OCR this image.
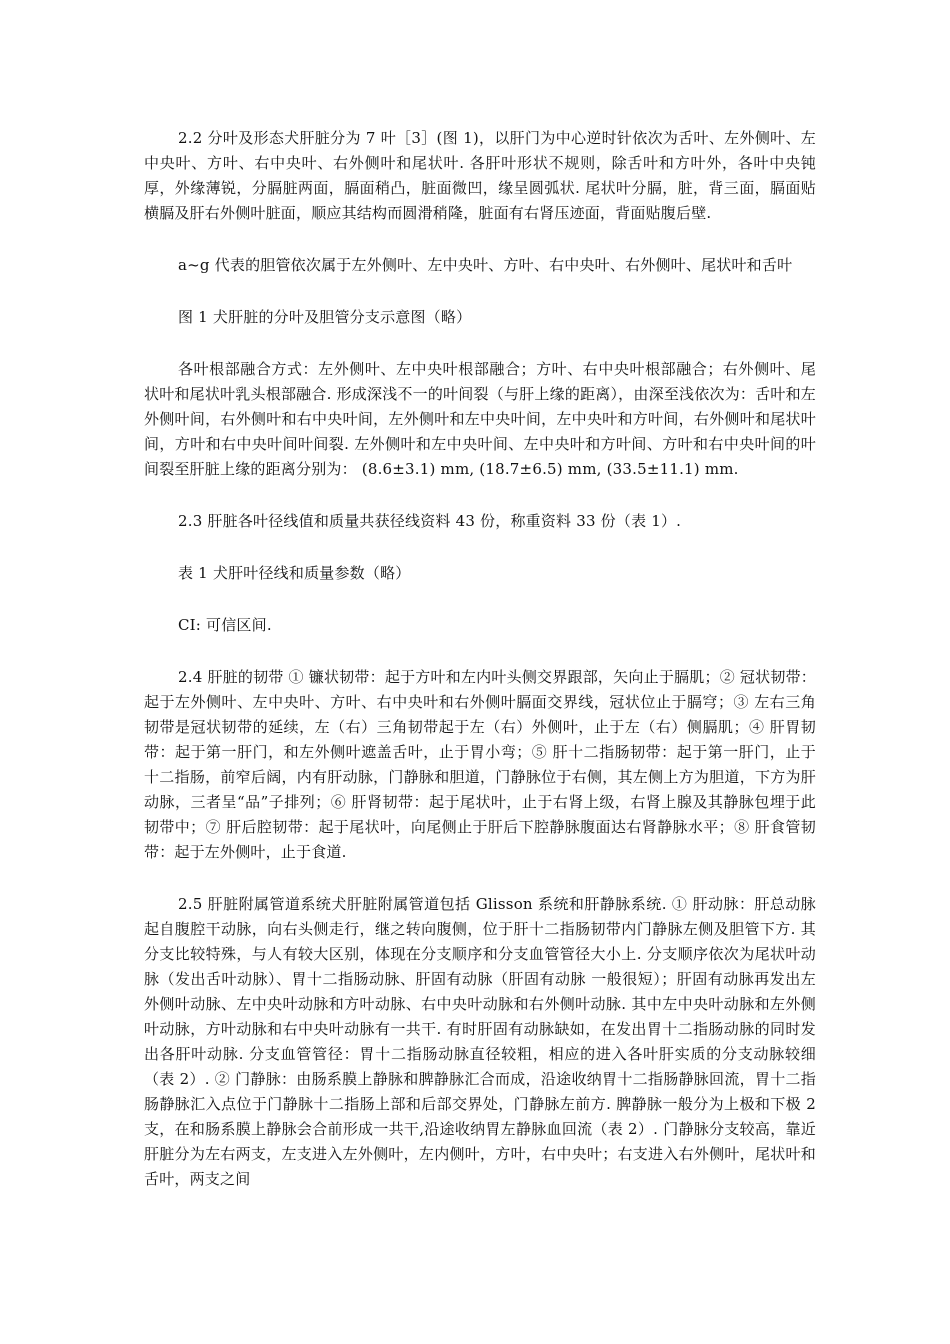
2.2 分叶及形态犬肝脏分为 7 叶［3］(图 1)，以肝门为中心逆时针依次为舌叶、左外侧叶、左中央叶、方叶、右中央叶、右外侧叶和尾状叶. 各肝叶形状不规则，除舌叶和方叶外，各叶中央钝厚，外缘薄锐，分膈脏两面，膈面稍凸，脏面微凹，缘呈圆弧状. 尾状叶分膈，脏，背三面，膈面贴横膈及肝右外侧叶脏面，顺应其结构而圆滑稍隆，脏面有右肾压迹面，背面贴腹后壁.

a~g 代表的胆管依次属于左外侧叶、左中央叶、方叶、右中央叶、右外侧叶、尾状叶和舌叶

图 1 犬肝脏的分叶及胆管分支示意图（略）

各叶根部融合方式：左外侧叶、左中央叶根部融合；方叶、右中央叶根部融合；右外侧叶、尾状叶和尾状叶乳头根部融合. 形成深浅不一的叶间裂（与肝上缘的距离），由深至浅依次为：舌叶和左外侧叶间，右外侧叶和右中央叶间，左外侧叶和左中央叶间，左中央叶和方叶间，右外侧叶和尾状叶间，方叶和右中央叶间叶间裂. 左外侧叶和左中央叶间、左中央叶和方叶间、方叶和右中央叶间的叶间裂至肝脏上缘的距离分别为： (8.6±3.1) mm, (18.7±6.5) mm, (33.5±11.1) mm.

2.3 肝脏各叶径线值和质量共获径线资料 43 份，称重资料 33 份（表 1）.

表 1 犬肝叶径线和质量参数（略）

CI: 可信区间.

2.4 肝脏的韧带 ① 镰状韧带：起于方叶和左内叶头侧交界跟部，矢向止于膈肌；② 冠状韧带：起于左外侧叶、左中央叶、方叶、右中央叶和右外侧叶膈面交界线，冠状位止于膈穹；③ 左右三角韧带是冠状韧带的延续，左（右）三角韧带起于左（右）外侧叶，止于左（右）侧膈肌；④ 肝胃韧带：起于第一肝门，和左外侧叶遮盖舌叶，止于胃小弯；⑤ 肝十二指肠韧带：起于第一肝门，止于十二指肠，前窄后阔，内有肝动脉，门静脉和胆道，门静脉位于右侧，其左侧上方为胆道，下方为肝动脉，三者呈“品”子排列；⑥ 肝肾韧带：起于尾状叶，止于右肾上级，右肾上腺及其静脉包埋于此韧带中；⑦ 肝后腔韧带：起于尾状叶，向尾侧止于肝后下腔静脉腹面达右肾静脉水平；⑧ 肝食管韧带：起于左外侧叶，止于食道.

2.5 肝脏附属管道系统犬肝脏附属管道包括 Glisson 系统和肝静脉系统. ① 肝动脉：肝总动脉起自腹腔干动脉，向右头侧走行，继之转向腹侧，位于肝十二指肠韧带内门静脉左侧及胆管下方. 其分支比较特殊，与人有较大区别，体现在分支顺序和分支血管管径大小上. 分支顺序依次为尾状叶动脉（发出舌叶动脉）、胃十二指肠动脉、肝固有动脉（肝固有动脉 一般很短）；肝固有动脉再发出左外侧叶动脉、左中央叶动脉和方叶动脉、右中央叶动脉和右外侧叶动脉. 其中左中央叶动脉和左外侧叶动脉，方叶动脉和右中央叶动脉有一共干. 有时肝固有动脉缺如，在发出胃十二指肠动脉的同时发出各肝叶动脉. 分支血管管径：胃十二指肠动脉直径较粗，相应的进入各叶肝实质的分支动脉较细（表 2）. ② 门静脉：由肠系膜上静脉和脾静脉汇合而成，沿途收纳胃十二指肠静脉回流，胃十二指肠静脉汇入点位于门静脉十二指肠上部和后部交界处，门静脉左前方. 脾静脉一般分为上极和下极 2 支，在和肠系膜上静脉会合前形成一共干,沿途收纳胃左静脉血回流（表 2）. 门静脉分支较高，靠近肝脏分为左右两支，左支进入左外侧叶，左内侧叶，方叶，右中央叶；右支进入右外侧叶，尾状叶和舌叶，两支之间
